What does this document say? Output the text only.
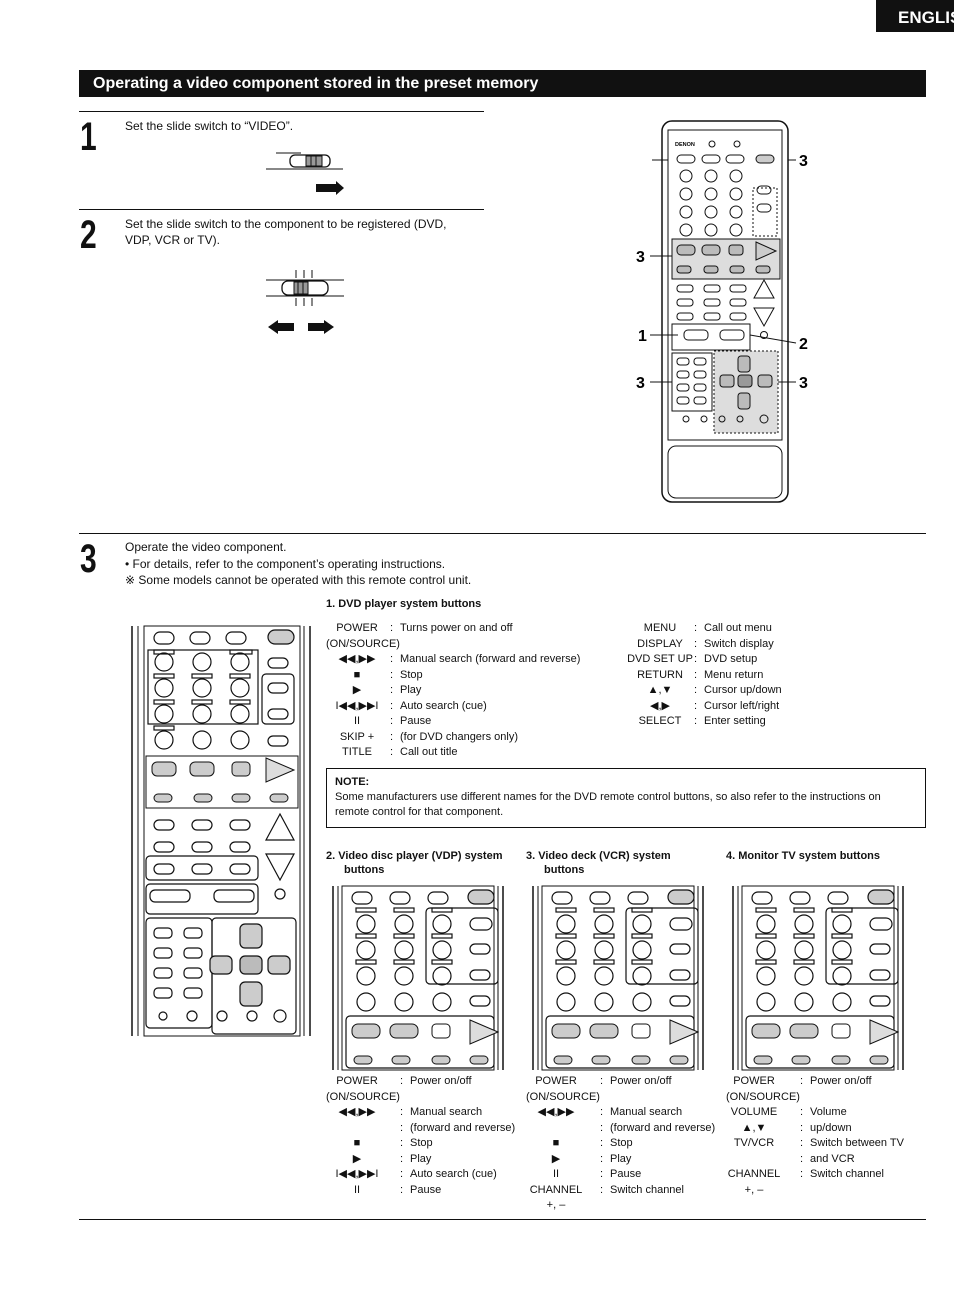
ENGLISH
Operating a video component stored in the preset memory
1 Set the slide switch to “VIDEO”.
2 Set the slide switch to the component to be registered (DVD,
VDP, VCR or TV).
DENON
3
3
1	2
3	3
3 Operate the video component.
• For details, refer to the component’s operating instructions.
※ Some models cannot be operated with this remote control unit.
1. DVD player system buttons
POWER	: Turns power on and off
(ON/SOURCE)
◀◀,▶▶	: Manual search (forward and reverse)
■	: Stop
▶	: Play
I◀◀,▶▶I	: Auto search (cue)
II	: Pause
SKIP +	: (for DVD changers only)
TITLE	: Call out title
MENU	: Call out menu
DISPLAY	: Switch display
DVD SET UP : DVD setup
RETURN	: Menu return
▲,▼	: Cursor up/down
◀,▶	: Cursor left/right
SELECT	: Enter setting
NOTE:
Some manufacturers use different names for the DVD remote control buttons, so also refer to the instructions on remote control for that component.
2. Video disc player (VDP) system
buttons
3. Video deck (VCR) system
buttons
4. Monitor TV system buttons
POWER	: Power on/off
(ON/SOURCE)
◀◀,▶▶	: Manual search
: (forward and reverse)
■	: Stop
▶	: Play
I◀◀,▶▶I	: Auto search (cue)
II	: Pause
POWER	: Power on/off
(ON/SOURCE)
◀◀,▶▶	: Manual search
: (forward and reverse)
■	: Stop
▶	: Play
II	: Pause
CHANNEL	: Switch channel
+, –
POWER	: Power on/off
(ON/SOURCE)
VOLUME	: Volume
▲,▼	: up/down
TV/VCR	: Switch between TV
: and VCR
CHANNEL : Switch channel
+, –
